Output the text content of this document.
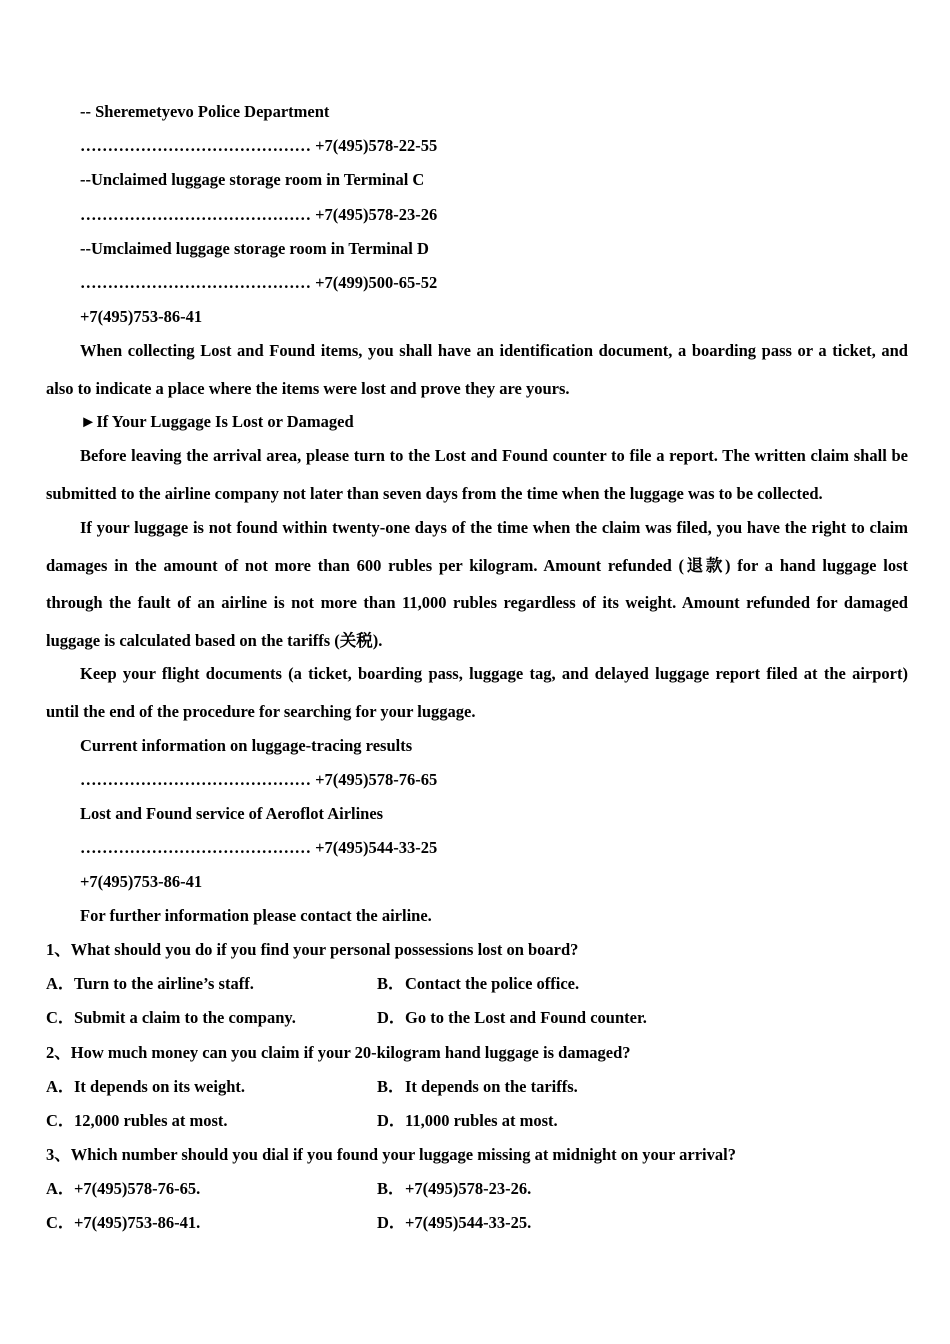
-- Sheremetyevo Police Department
…………………………………… +7(495)578-22-55
--Unclaimed luggage storage room in Terminal C
…………………………………… +7(495)578-23-26
--Umclaimed luggage storage room in Terminal D
…………………………………… +7(499)500-65-52
+7(495)753-86-41
When collecting Lost and Found items, you shall have an identification document, a boarding pass or a ticket, and also to indicate a place where the items were lost and prove they are yours.
►If Your Luggage Is Lost or Damaged
Before leaving the arrival area, please turn to the Lost and Found counter to file a report. The written claim shall be submitted to the airline company not later than seven days from the time when the luggage was to be collected.
If your luggage is not found within twenty-one days of the time when the claim was filed, you have the right to claim damages in the amount of not more than 600 rubles per kilogram. Amount refunded (退款) for a hand luggage lost through the fault of an airline is not more than 11,000 rubles regardless of its weight. Amount refunded for damaged luggage is calculated based on the tariffs (关税).
Keep your flight documents (a ticket, boarding pass, luggage tag, and delayed luggage report filed at the airport) until the end of the procedure for searching for your luggage.
Current information on luggage-tracing results
…………………………………… +7(495)578-76-65
Lost and Found service of Aeroflot Airlines
…………………………………… +7(495)544-33-25
+7(495)753-86-41
For further information please contact the airline.
1、What should you do if you find your personal possessions lost on board?
A．Turn to the airline’s staff.	B．Contact the police office.
C．Submit a claim to the company.	D．Go to the Lost and Found counter.
2、How much money can you claim if your 20-kilogram hand luggage is damaged?
A．It depends on its weight.	B．It depends on the tariffs.
C．12,000 rubles at most.	D．11,000 rubles at most.
3、Which number should you dial if you found your luggage missing at midnight on your arrival?
A．+7(495)578-76-65.	B．+7(495)578-23-26.
C．+7(495)753-86-41.	D．+7(495)544-33-25.
